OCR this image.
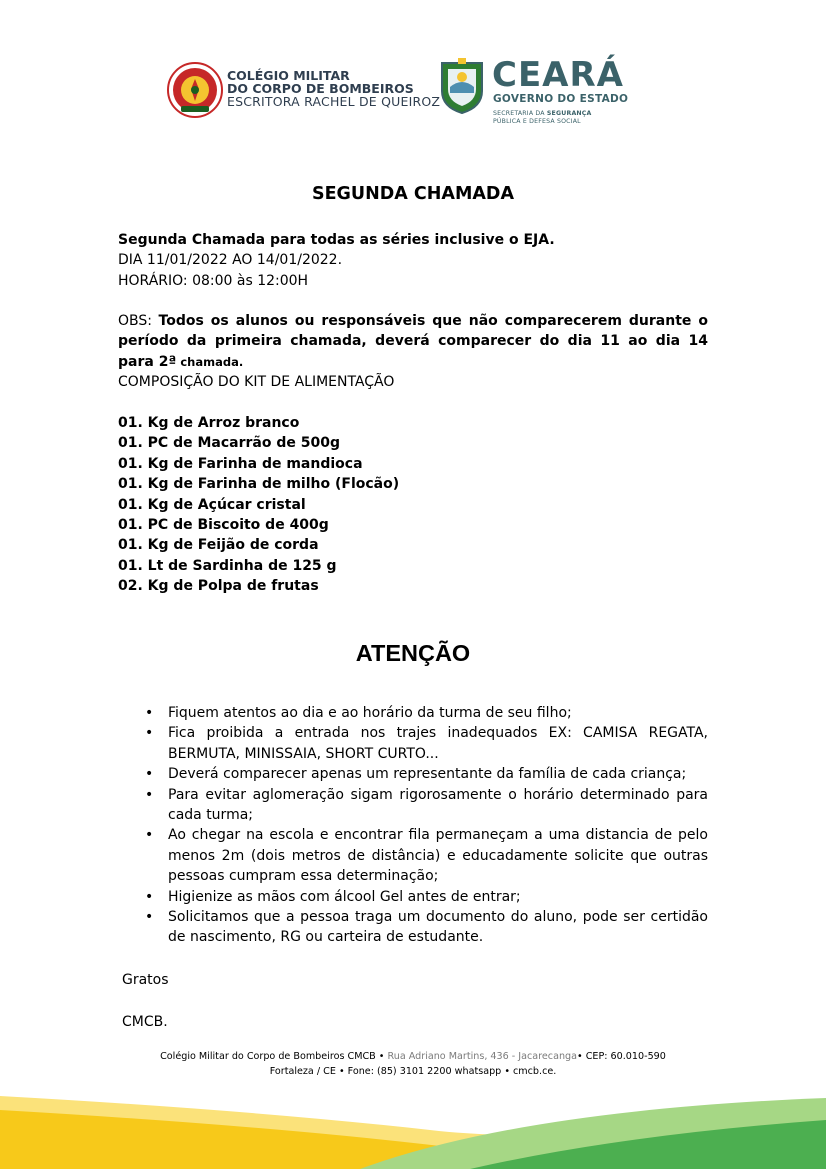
COLÉGIO MILITAR
DO CORPO DE BOMBEIROS
ESCRITORA RACHEL DE QUEIROZ
CEARÁ
GOVERNO DO ESTADO
SECRETARIA DA SEGURANÇA
PÚBLICA E DEFESA SOCIAL
SEGUNDA CHAMADA
Segunda Chamada para todas as séries inclusive o EJA.
DIA 11/01/2022 AO 14/01/2022.
HORÁRIO: 08:00 às 12:00H
OBS: Todos os alunos ou responsáveis que não comparecerem durante o período da primeira chamada, deverá comparecer do dia 11 ao dia 14 para 2ª chamada.
COMPOSIÇÃO DO KIT DE ALIMENTAÇÃO
01. Kg de Arroz branco
01. PC de Macarrão de 500g
01. Kg de Farinha de mandioca
01. Kg de Farinha de milho (Flocão)
01. Kg de Açúcar cristal
01. PC de Biscoito de 400g
01. Kg de Feijão de corda
01. Lt de Sardinha de 125 g
02. Kg de Polpa de frutas
ATENÇÃO
• Fiquem atentos ao dia e ao horário da turma de seu filho;
• Fica proibida a entrada nos trajes inadequados EX: CAMISA REGATA, BERMUTA, MINISSAIA, SHORT CURTO...
• Deverá comparecer apenas um representante da família de cada criança;
• Para evitar aglomeração sigam rigorosamente o horário determinado para cada turma;
• Ao chegar na escola e encontrar fila permaneçam a uma distancia de pelo menos 2m (dois metros de distância) e educadamente solicite que outras pessoas cumpram essa determinação;
• Higienize as mãos com álcool Gel antes de entrar;
• Solicitamos que a pessoa traga um documento do aluno, pode ser certidão de nascimento, RG ou carteira de estudante.
Gratos
CMCB.
Colégio Militar do Corpo de Bombeiros CMCB • Rua Adriano Martins, 436 - Jacarecanga• CEP: 60.010-590
Fortaleza / CE • Fone: (85) 3101 2200 whatsapp • cmcb.ce.
